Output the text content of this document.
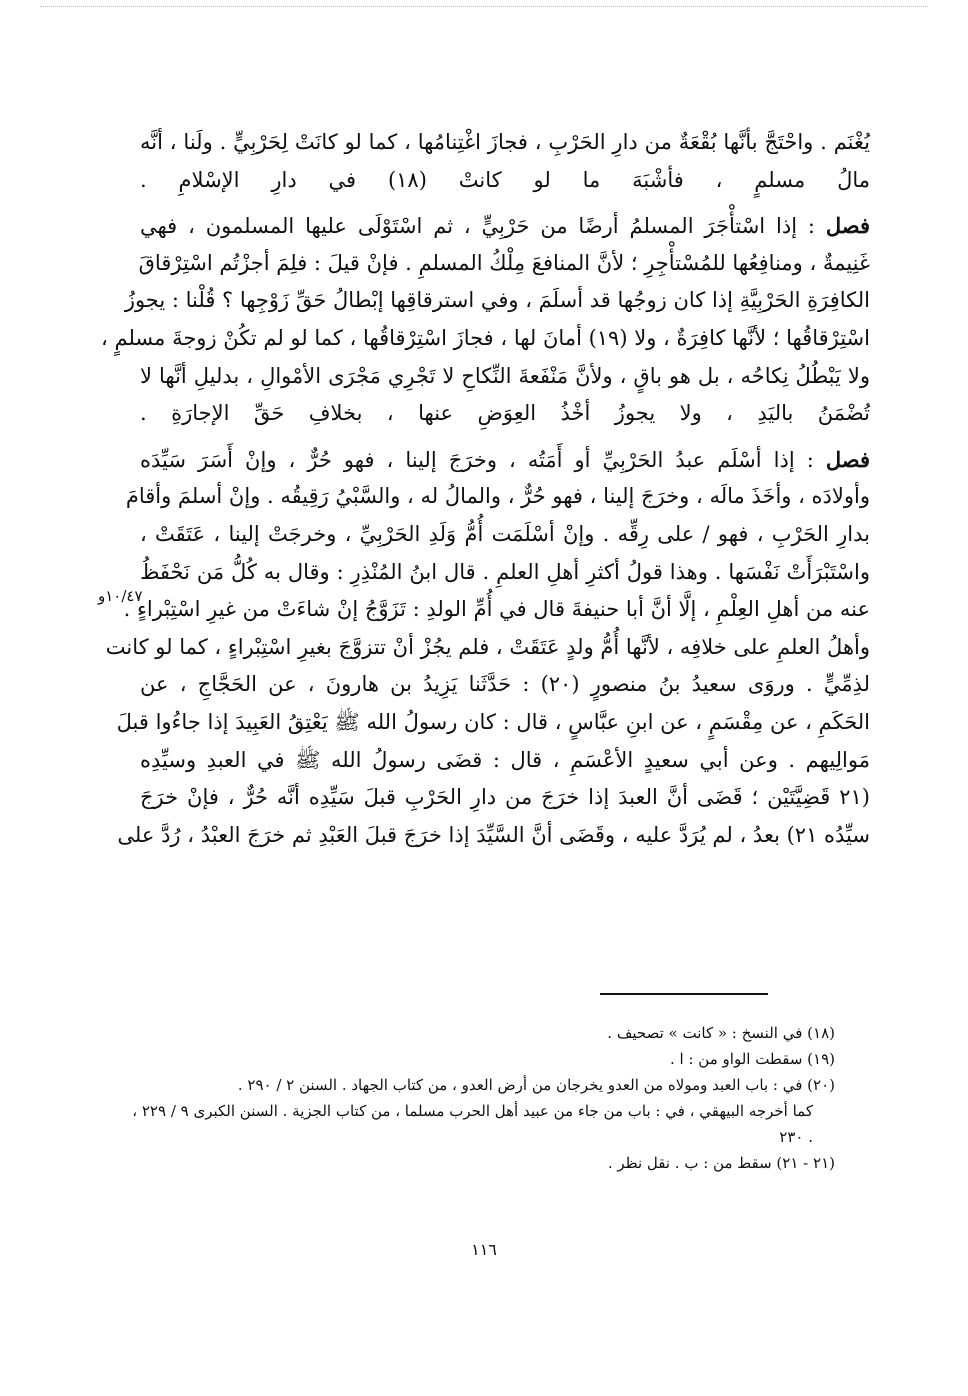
يُغْنَم . واحْتَجَّ بأنَّها بُقْعَةٌ من دارِ الحَرْبِ ، فجازَ اغْتِنامُها ، كما لو كانَتْ لِحَرْبِيٍّ . ولَنا ، أنَّه
مالُ مسلمٍ ، فأشْبَهَ ما لو كانتْ (١٨) في دارِ الإسْلامِ .
فصل : إذا اسْتأْجَرَ المسلمُ أرضًا من حَرْبِيٍّ ، ثم اسْتَوْلَى عليها المسلمون ، فهي
غَنِيمةٌ ، ومنافِعُها للمُسْتأْجِرِ ؛ لأنَّ المنافعَ مِلْكُ المسلمِ . فإنْ قيلَ : فلِمَ أجزْتُم اسْتِرْقاقَ
الكافِرَةِ الحَرْبِيَّةِ إذا كان زوجُها قد أسلَمَ ، وفي استرقاقِها إبْطالُ حَقِّ زَوْجِها ؟ قُلْنا : يجوزُ
اسْتِرْقاقُها ؛ لأنَّها كافِرَةٌ ، ولا (١٩) أمانَ لها ، فجازَ اسْتِرْقاقُها ، كما لو لم تكُنْ زوجةَ مسلمٍ ،
ولا يَبْطُلُ نِكاحُه ، بل هو باقٍ ، ولأنَّ مَنْفَعةَ النِّكاحِ لا تَجْرِي مَجْرَى الأمْوالِ ، بدليلِ أنَّها لا
تُضْمَنُ باليَدِ ، ولا يجوزُ أخْذُ العِوَضِ عنها ، بخلافِ حَقِّ الإجارَةِ .
فصل : إذا أسْلَم عبدُ الحَرْبِيِّ أو أَمَتُه ، وخرَجَ إلينا ، فهو حُرٌّ ، وإنْ أَسَرَ سَيِّدَه
وأولادَه ، وأخَذَ مالَه ، وخرَجَ إلينا ، فهو حُرٌّ ، والمالُ له ، والسَّبْيُ رَقِيقُه . وإنْ أسلمَ وأقامَ
بدارِ الحَرْبِ ، فهو / على رِقِّه . وإنْ أسْلَمَت أُمُّ وَلَدِ الحَرْبِيِّ ، وخرجَتْ إلينا ، عَتَقَتْ ،
واسْتَبْرَأَتْ نَفْسَها . وهذا قولُ أكثرِ أهلِ العلمِ . قال ابنُ المُنْذِرِ : وقال به كُلُّ مَن نَحْفَظُ
عنه من أهلِ العِلْمِ ، إلَّا أنَّ أبا حنيفةَ قال في أُمِّ الولدِ : تَزَوَّجُ إنْ شاءَتْ من غيرِ اسْتِبْراءٍ .
وأهلُ العلمِ على خلافِه ، لأنَّها أُمُّ ولدٍ عَتَقَتْ ، فلم يجُزْ أنْ تتزوَّجَ بغيرِ اسْتِبْراءٍ ، كما لو كانت
لذِمِّيٍّ . وروَى سعيدُ بنُ منصورٍ (٢٠) : حَدَّثَنا يَزِيدُ بن هارونَ ، عن الحَجَّاجِ ، عن
الحَكَمِ ، عن مِقْسَمٍ ، عن ابنِ عبَّاسٍ ، قال : كان رسولُ الله ﷺ يَعْتِقُ العَبِيدَ إذا جاءُوا قبلَ
مَوالِيهم . وعن أبي سعيدٍ الأعْسَمِ ، قال : قضَى رسولُ الله ﷺ في العبدِ وسيِّدِه
(٢١ قَضِيَّتَيْن ؛ قَضَى أنَّ العبدَ إذا خرَجَ من دارِ الحَرْبِ قبلَ سَيِّدِه أنَّه حُرٌّ ، فإنْ خرَجَ
سيِّدُه ٢١) بعدُ ، لم يُرَدَّ عليه ، وقَضَى أنَّ السَّيِّدَ إذا خرَجَ قبلَ العَبْدِ ثم خرَجَ العبْدُ ، رُدَّ على
١٠/٤٧و
(١٨) في النسخ : « كانت » تصحيف .
(١٩) سقطت الواو من : ا .
(٢٠) في : باب العبد ومولاه من العدو يخرجان من أرض العدو ، من كتاب الجهاد . السنن ٢ / ٢٩٠ .
كما أخرجه البيهقي ، في : باب من جاء من عبيد أهل الحرب مسلما ، من كتاب الجزية . السنن الكبرى ٩ / ٢٢٩ ،
. ٢٣٠
(٢١ - ٢١) سقط من : ب . نقل نظر .
١١٦
